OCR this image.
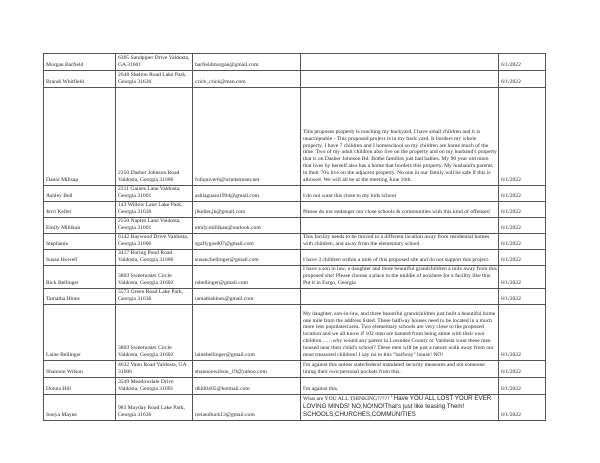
Morgan Barfield	6305 Sandpiper Drive Valdosta, GA 31601	barfieldmorgan@gmail.com		6/1/2022
Brandi Whitfield	2648 Shelton Road Lake Park, Georgia 31636	crick_crick@msn.com		6/1/2022
Danni Millsap	2350 Dasher Johnson Road Valdosta, Georgia 31606	fullquiver6@windstream.net	This proposes property is touching my backyard. I have small children and it is unacceptable - This proposed project is in my back yard. It borders my whole property. I have 7 children and I homeschool so my children are home much of the time. Two of my adult children also live on the property and on my husband's property that is on Dasher Johnson Rd. Bothe families just had babies. My 90 year old mom that lives by herself also has a home that borders this property. My husband's parents in their 70's live on the adjacent property. No one in our family will be safe if this is allowed. We will all be at the meeting June 16th.	6/1/2022
Ashley Bell	2311 Gaines Lane Valdosta, Georgia 31601	ashlaguara1994@gmail.com	I do not want this close to my kids school	6/1/2022
Jerri Keller	143 Willow Lane Lake Park, Georgia 31636	jlkeller.jk@gmail.com	Please do not endanger our close schools & communities with this kind of offenses!	6/1/2022
Emily Millikan	2550 Naples Lane Valdosta, Georgia 31601	emily.millikan@outlook.com		6/1/2022
Stephanie	6142 Baywood Drive Valdosta, Georgia 31606	sgaflygos007@gmail.com	This facility needs to be moved to a different location away from residential homes with children, and away from the elementary school	6/1/2022
Susan Howell	3417 Boring Pond Road Valdosta, Georgia 31606	susanchellinger@gmail.com	I have 3 children within a mile of this proposed site and do not support this project.	6/1/2022
Rick Bellinger	3803 Sweetwater Circle Valdosta, Georgia 31602	rsbellinger@gmail.com	I have a son in law, a daughter and three beautiful grandchildren a mile away from this proposed site! Please choose a place in the middle of nowhere for a facility like this. Put it in Fargo, Georgia	6/1/2022
Tamatha Hines	5573 Green Road Lake Park, Georgia 31636	tamathahines@gmail.com		6/1/2022
Laine Bellinger	3803 Sweetwater Circle Valdosta, Georgia 31602	lainebellinger@gmail.com	My daughter, son-in-law, and three beautiful grandchildren just built a beautiful home one mile from the address listed. These halfway houses need to be located in a much more less populated area. Two elementary schools are very close to the proposed location and we all know if 102 men are banned from being alone with their own children……why would any parent in Lowndes County or Valdosta want these men housed near their child's school? These men will be just a nature walk away from our most treasured children! I say no to this "halfway" house! NO!	6/1/2022
Shannon Wilson	4632 Vann Road Valdosta, GA 31606	shannonwilson_19@yahoo.com	I'm against this unless state/federal mandated security measures and not someone lining their own personal pockets from this.	6/1/2022
Donna Hill	3549 Meadowdale Drive Valdosta, Georgia 31601	dhill0405@hotmail.com	I'm against this.	6/1/2022
Sonya Mayne	983 Mayday Road Lake Park, Georgia 31636	irelandluck13@gmail.com	What are YOU ALL THINKING????? ' Have YOU ALL LOST YOUR EVER LOVING MINDS! NO,NO!NO!That's just like teasing Them! SCHOOLS,CHURCHES,COMMUNITIES	6/1/2022
